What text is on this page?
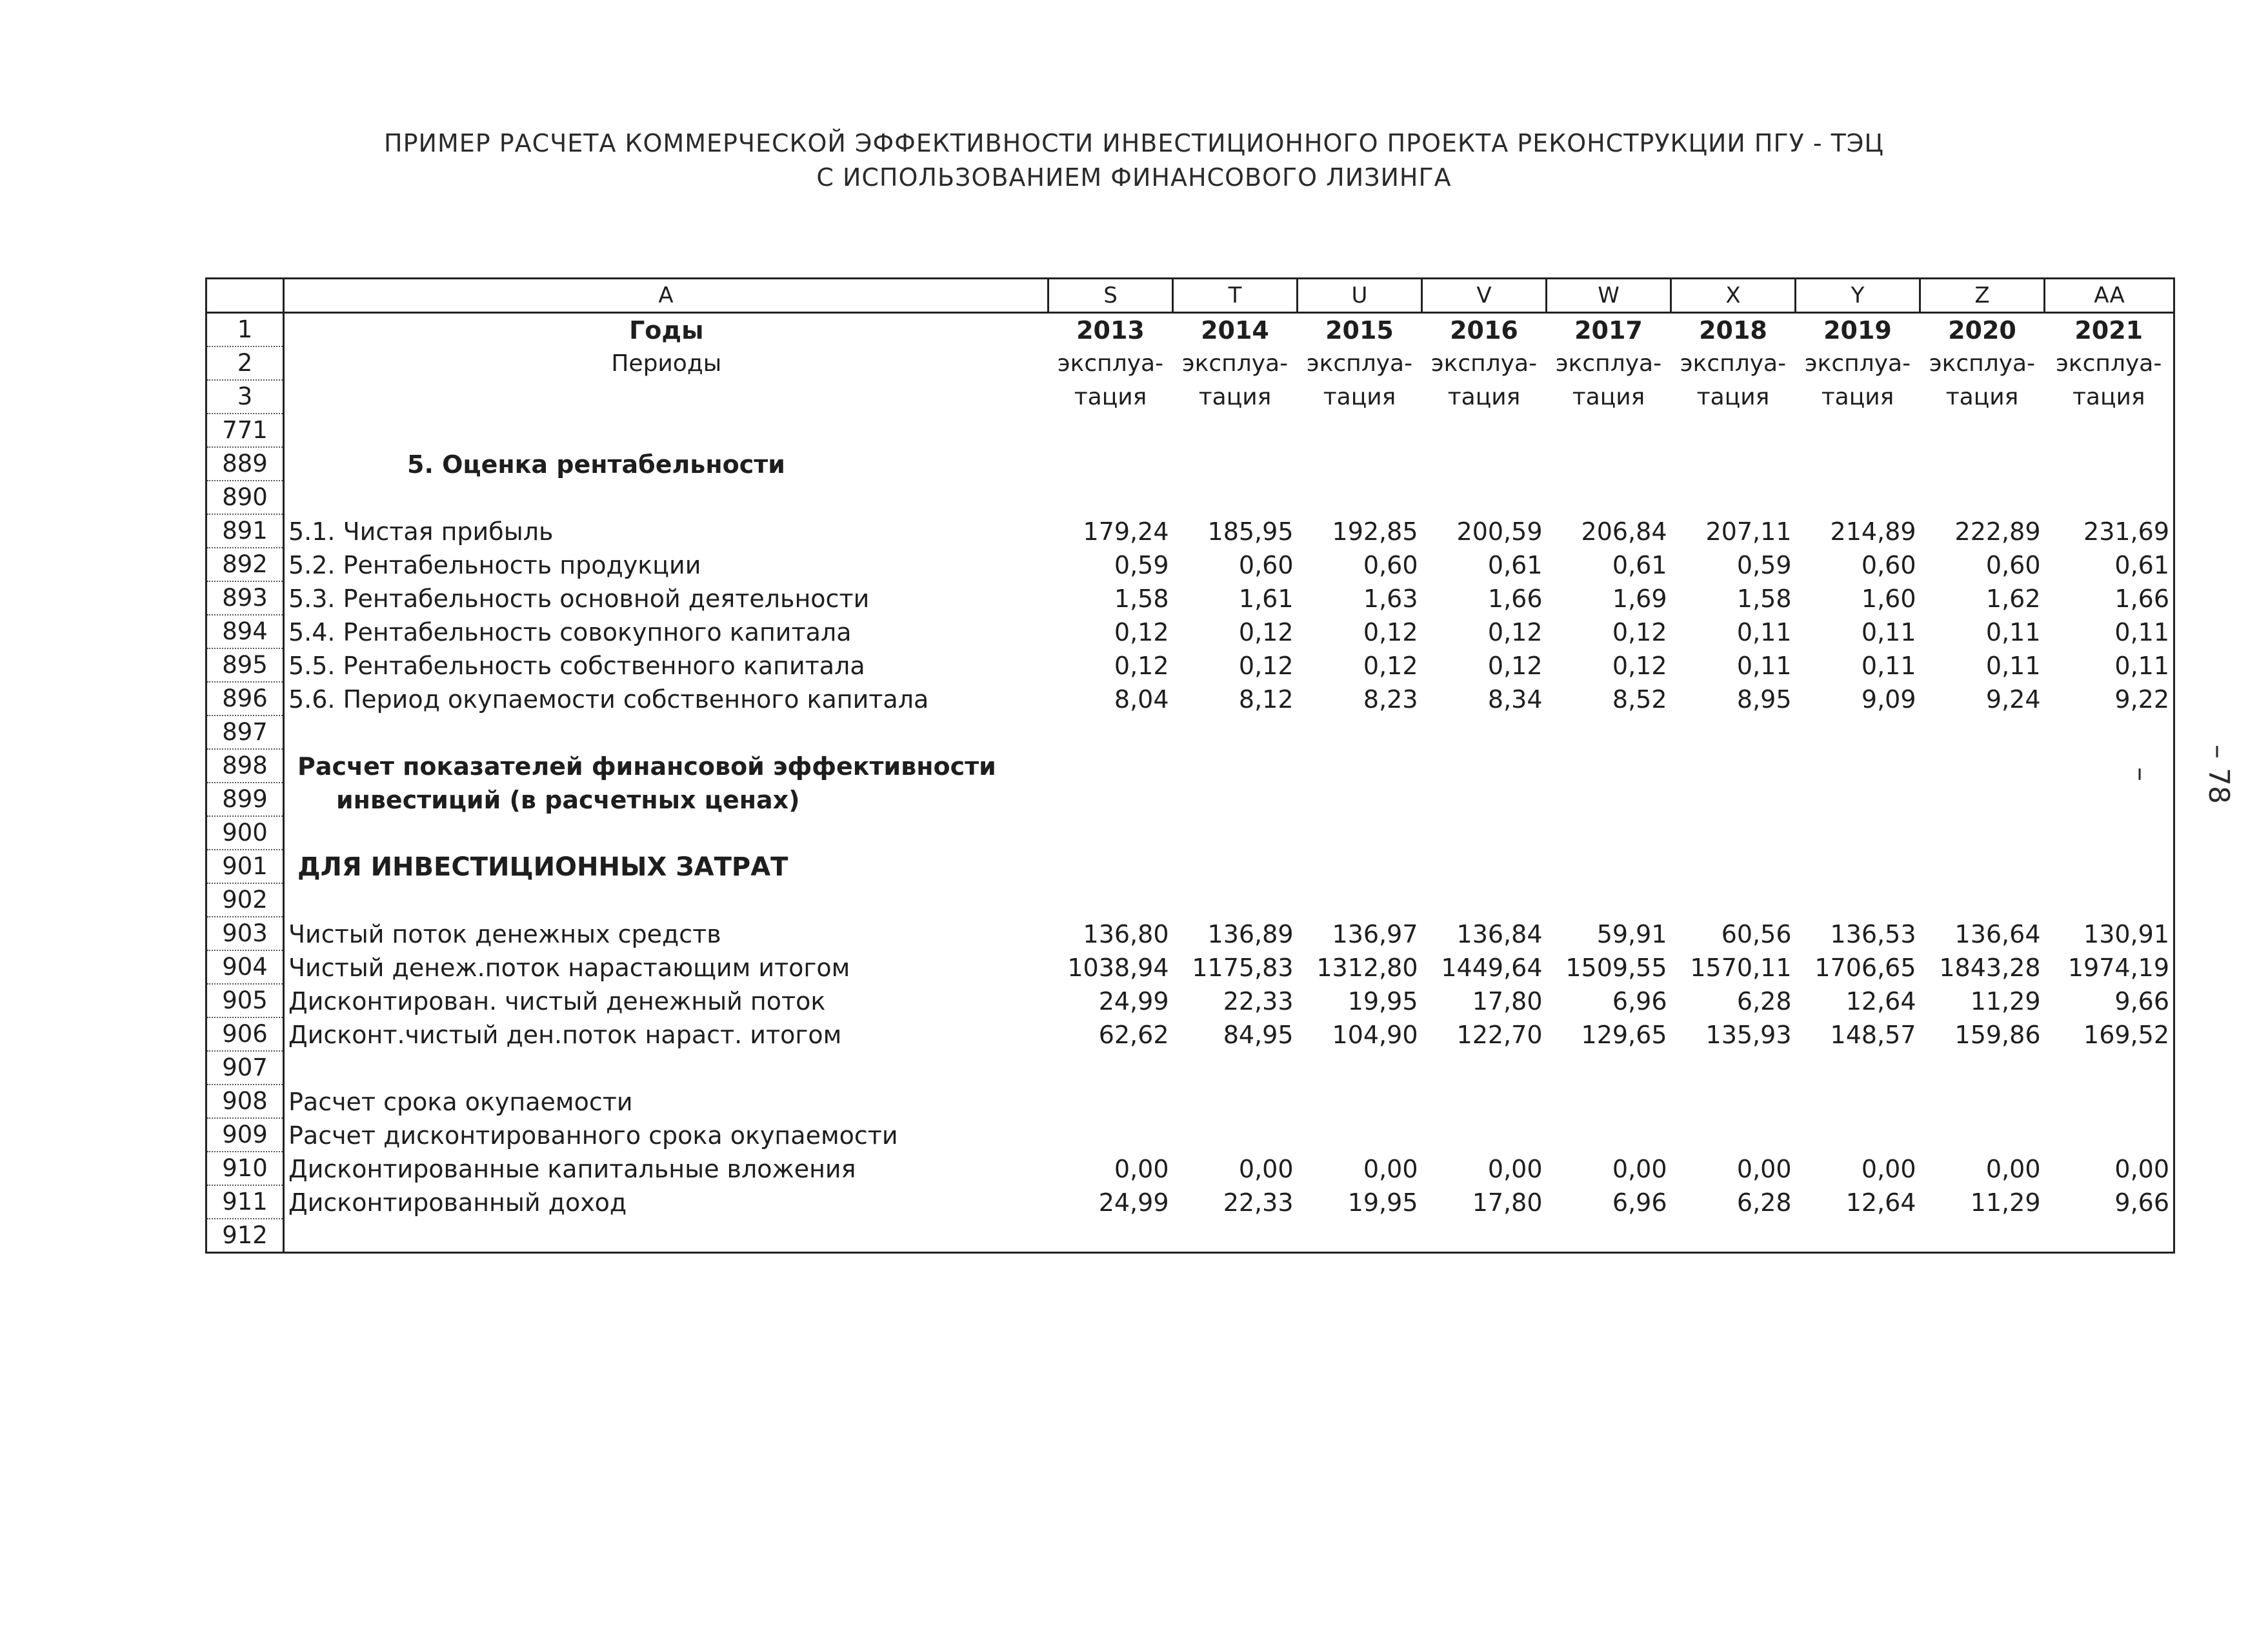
ПРИМЕР РАСЧЕТА КОММЕРЧЕСКОЙ ЭФФЕКТИВНОСТИ ИНВЕСТИЦИОННОГО ПРОЕКТА РЕКОНСТРУКЦИИ ПГУ - ТЭЦ
С ИСПОЛЬЗОВАНИЕМ ФИНАНСОВОГО ЛИЗИНГА
– 78 –
	A	S	T	U	V	W	X	Y	Z	AA
1	Годы	2013	2014	2015	2016	2017	2018	2019	2020	2021
2	Периоды	эксплуа-	эксплуа-	эксплуа-	эксплуа-	эксплуа-	эксплуа-	эксплуа-	эксплуа-	эксплуа-
3		тация	тация	тация	тация	тация	тация	тация	тация	тация
771										
889	5. Оценка рентабельности									
890										
891	5.1. Чистая прибыль	179,24	185,95	192,85	200,59	206,84	207,11	214,89	222,89	231,69
892	5.2. Рентабельность продукции	0,59	0,60	0,60	0,61	0,61	0,59	0,60	0,60	0,61
893	5.3. Рентабельность основной деятельности	1,58	1,61	1,63	1,66	1,69	1,58	1,60	1,62	1,66
894	5.4. Рентабельность совокупного капитала	0,12	0,12	0,12	0,12	0,12	0,11	0,11	0,11	0,11
895	5.5. Рентабельность собственного капитала	0,12	0,12	0,12	0,12	0,12	0,11	0,11	0,11	0,11
896	5.6. Период окупаемости собственного капитала	8,04	8,12	8,23	8,34	8,52	8,95	9,09	9,24	9,22
897										
898	Расчет показателей финансовой эффективности									
899	инвестиций (в расчетных ценах)									
900										
901	ДЛЯ ИНВЕСТИЦИОННЫХ ЗАТРАТ									
902										
903	Чистый поток денежных средств	136,80	136,89	136,97	136,84	59,91	60,56	136,53	136,64	130,91
904	Чистый денеж.поток нарастающим итогом	1038,94	1175,83	1312,80	1449,64	1509,55	1570,11	1706,65	1843,28	1974,19
905	Дисконтирован. чистый денежный поток	24,99	22,33	19,95	17,80	6,96	6,28	12,64	11,29	9,66
906	Дисконт.чистый ден.поток нараст. итогом	62,62	84,95	104,90	122,70	129,65	135,93	148,57	159,86	169,52
907										
908	Расчет срока окупаемости									
909	Расчет дисконтированного срока окупаемости									
910	Дисконтированные капитальные вложения	0,00	0,00	0,00	0,00	0,00	0,00	0,00	0,00	0,00
911	Дисконтированный доход	24,99	22,33	19,95	17,80	6,96	6,28	12,64	11,29	9,66
912										
